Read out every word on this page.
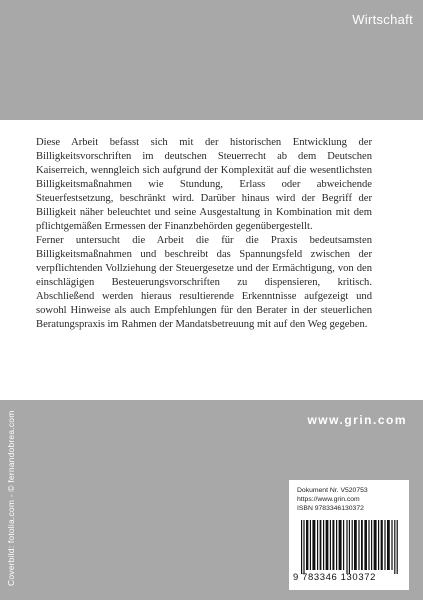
Wirtschaft

Diese Arbeit befasst sich mit der historischen Entwicklung der Billigkeitsvorschriften im deutschen Steuerrecht ab dem Deutschen Kaiserreich, wenngleich sich aufgrund der Komplexität auf die wesentlichsten Billigkeitsmaßnahmen wie Stundung, Erlass oder abweichende Steuerfestsetzung, beschränkt wird. Darüber hinaus wird der Begriff der Billigkeit näher beleuchtet und seine Ausgestaltung in Kombination mit dem pflichtgemäßen Ermessen der Finanzbehörden gegenübergestellt.

Ferner untersucht die Arbeit die für die Praxis bedeutsamsten Billigkeitsmaßnahmen und beschreibt das Spannungsfeld zwischen der verpflichtenden Vollziehung der Steuergesetze und der Ermächtigung, von den einschlägigen Besteuerungsvorschriften zu dispensieren, kritisch. Abschließend werden hieraus resultierende Erkenntnisse aufgezeigt und sowohl Hinweise als auch Empfehlungen für den Berater in der steuerlichen Beratungspraxis im Rahmen der Mandatsbetreuung mit auf den Weg gegeben.

www.grin.com
Coverbild: fotolia.com - © fernandobrea.com	Dokument Nr. V520753
https://www.grin.com
ISBN 9783346130372
9 783346 130372
